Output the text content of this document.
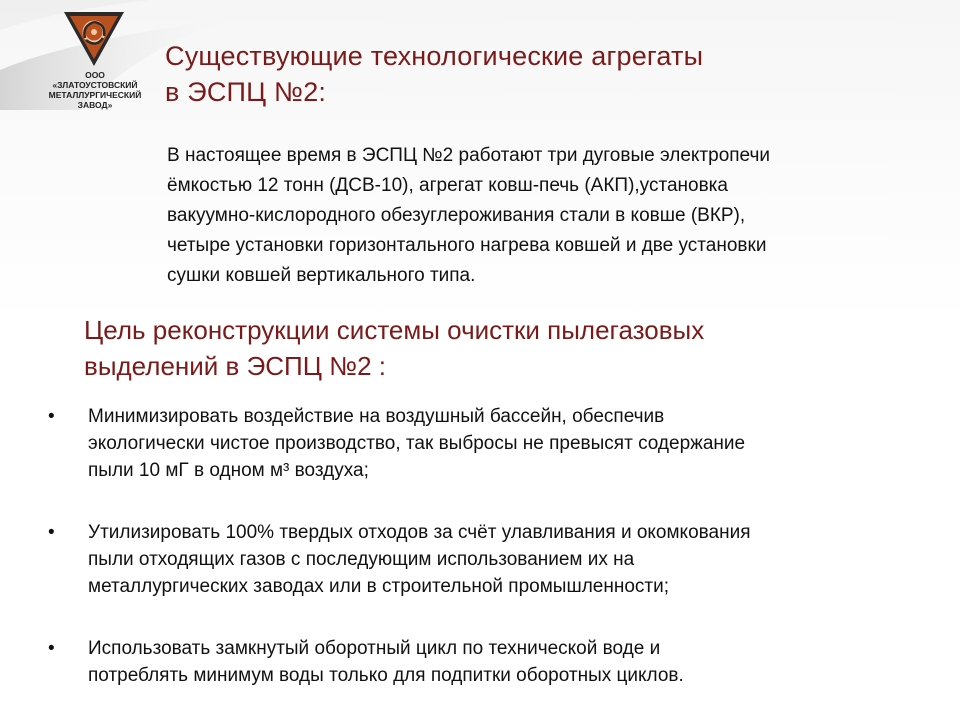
ООО
«ЗЛАТОУСТОВСКИЙ
МЕТАЛЛУРГИЧЕСКИЙ
ЗАВОД»
Существующие технологические агрегаты
в ЭСПЦ №2:
В настоящее время в ЭСПЦ №2 работают три дуговые электропечи
ёмкостью 12 тонн (ДСВ-10), агрегат ковш-печь (АКП),установка
вакуумно-кислородного обезуглероживания стали в ковше (ВКР),
четыре установки горизонтального нагрева ковшей и две установки
сушки ковшей вертикального типа.
Цель реконструкции системы очистки пылегазовых
выделений в ЭСПЦ №2 :
•	Минимизировать воздействие на воздушный бассейн, обеспечив
экологически чистое производство, так выбросы не превысят содержание
пыли 10 мГ в одном м³ воздуха;
•	Утилизировать 100% твердых отходов за счёт улавливания и окомкования
пыли отходящих газов с последующим использованием их на
металлургических заводах или в строительной промышленности;
•	Использовать замкнутый оборотный цикл по технической воде и
потреблять минимум воды только для подпитки оборотных циклов.
